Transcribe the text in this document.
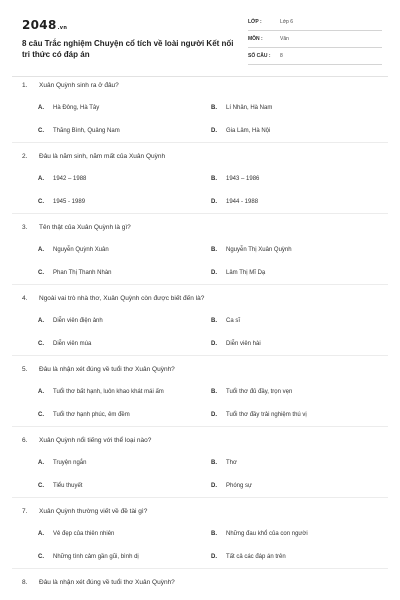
2048.vn
8 câu Trắc nghiệm Chuyện cổ tích về loài người Kết nối tri thức có đáp án
LỚP :	Lớp 6
MÔN :	Văn
SỐ CÂU : 8
1. Xuân Quỳnh sinh ra ở đâu?
A. Hà Đông, Hà Tây	B. Lí Nhân, Hà Nam
C. Thăng Bình, Quảng Nam	D. Gia Lâm, Hà Nội
2. Đâu là năm sinh, năm mất của Xuân Quỳnh
A. 1942 – 1988	B. 1943 – 1986
C. 1945 - 1989	D. 1944 - 1988
3. Tên thật của Xuân Quỳnh là gì?
A. Nguyễn Quỳnh Xuân	B. Nguyễn Thị Xuân Quỳnh
C. Phan Thị Thanh Nhàn	D. Lâm Thị Mĩ Dạ
4. Ngoài vai trò nhà thơ, Xuân Quỳnh còn được biết đến là?
A. Diễn viên điện ảnh	B. Ca sĩ
C. Diễn viên múa	D. Diễn viên hài
5. Đâu là nhận xét đúng về tuổi thơ Xuân Quỳnh?
A. Tuổi thơ bất hạnh, luôn khao khát mái ấm	B. Tuổi thơ đủ đầy, trọn vẹn
C. Tuổi thơ hạnh phúc, êm đềm	D. Tuổi thơ đầy trải nghiệm thú vị
6. Xuân Quỳnh nổi tiếng với thể loại nào?
A. Truyện ngắn	B. Thơ
C. Tiểu thuyết	D. Phóng sự
7. Xuân Quỳnh thường viết về đề tài gì?
A. Vẻ đẹp của thiên nhiên	B. Những đau khổ của con người
C. Những tình cảm gần gũi, bình dị	D. Tất cả các đáp án trên
8. Đâu là nhận xét đúng về tuổi thơ Xuân Quỳnh?
